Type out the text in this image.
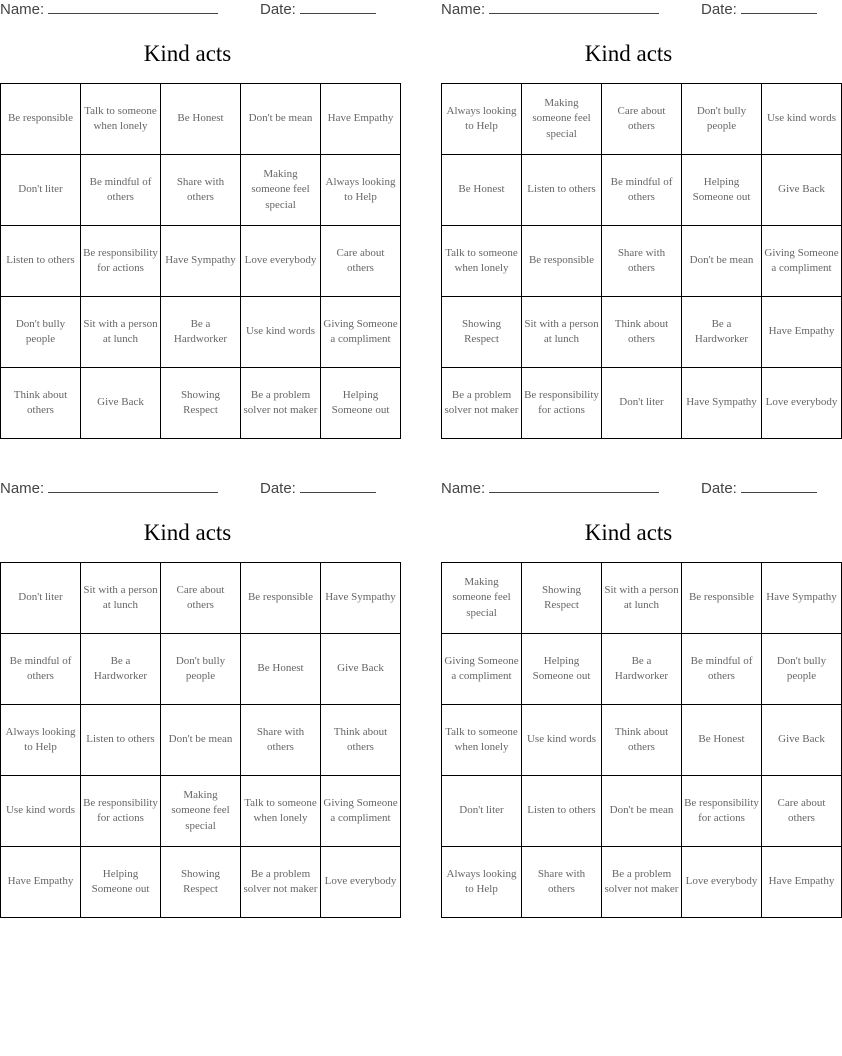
Name:	Date:
Kind acts
Be responsible	Talk to someone when lonely	Be Honest	Don't be mean	Have Empathy
Don't liter	Be mindful of others	Share with others	Making someone feel special	Always looking to Help
Listen to others	Be responsibility for actions	Have Sympathy	Love everybody	Care about others
Don't bully people	Sit with a person at lunch	Be a Hardworker	Use kind words	Giving Someone a compliment
Think about others	Give Back	Showing Respect	Be a problem solver not maker	Helping Someone out
Name:	Date:
Kind acts
Always looking to Help	Making someone feel special	Care about others	Don't bully people	Use kind words
Be Honest	Listen to others	Be mindful of others	Helping Someone out	Give Back
Talk to someone when lonely	Be responsible	Share with others	Don't be mean	Giving Someone a compliment
Showing Respect	Sit with a person at lunch	Think about others	Be a Hardworker	Have Empathy
Be a problem solver not maker	Be responsibility for actions	Don't liter	Have Sympathy	Love everybody
Name:	Date:
Kind acts
Don't liter	Sit with a person at lunch	Care about others	Be responsible	Have Sympathy
Be mindful of others	Be a Hardworker	Don't bully people	Be Honest	Give Back
Always looking to Help	Listen to others	Don't be mean	Share with others	Think about others
Use kind words	Be responsibility for actions	Making someone feel special	Talk to someone when lonely	Giving Someone a compliment
Have Empathy	Helping Someone out	Showing Respect	Be a problem solver not maker	Love everybody
Name:	Date:
Kind acts
Making someone feel special	Showing Respect	Sit with a person at lunch	Be responsible	Have Sympathy
Giving Someone a compliment	Helping Someone out	Be a Hardworker	Be mindful of others	Don't bully people
Talk to someone when lonely	Use kind words	Think about others	Be Honest	Give Back
Don't liter	Listen to others	Don't be mean	Be responsibility for actions	Care about others
Always looking to Help	Share with others	Be a problem solver not maker	Love everybody	Have Empathy
